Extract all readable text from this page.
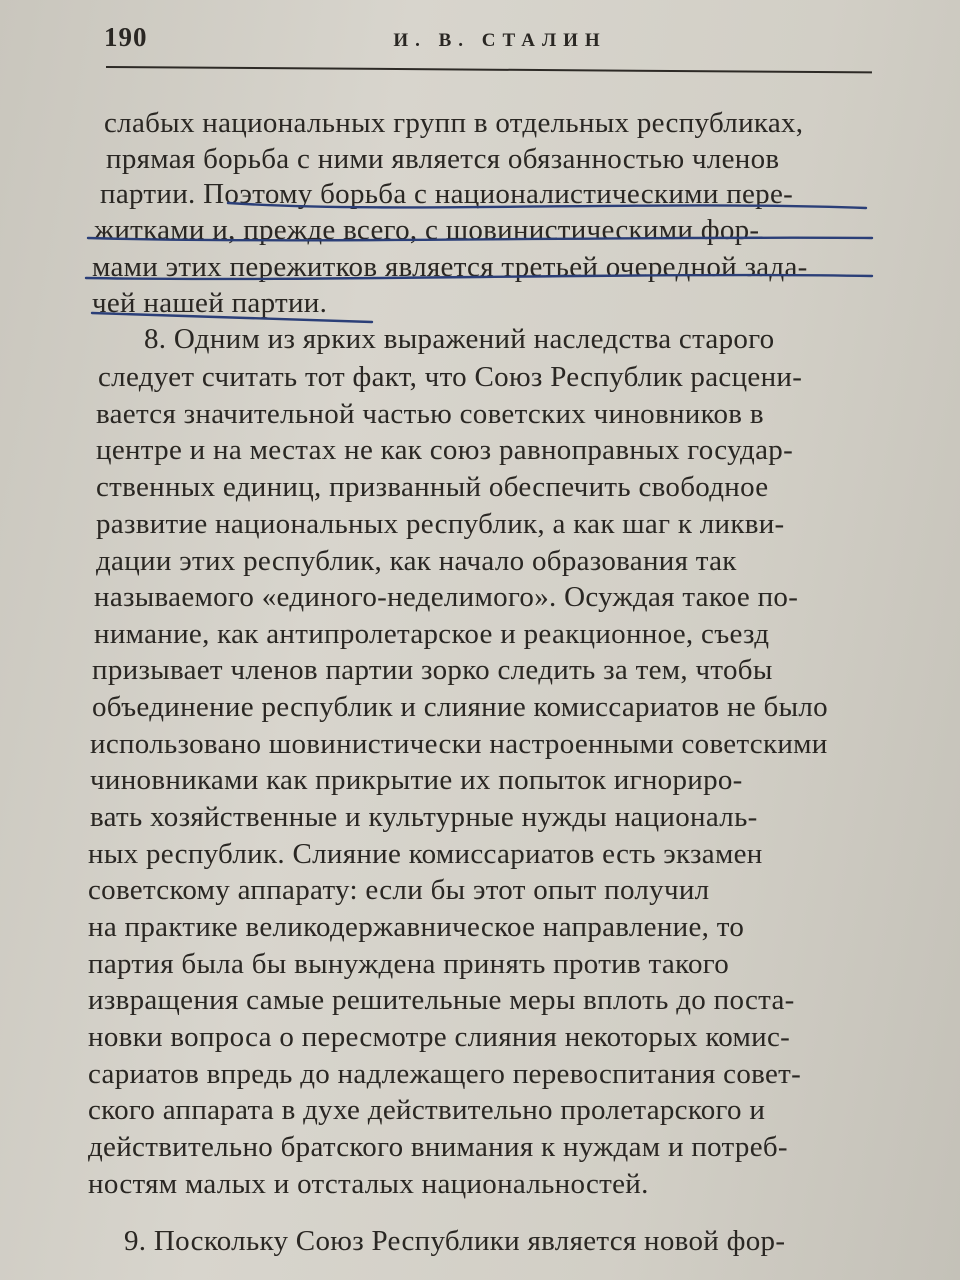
190	И. В. СТАЛИН
слабых национальных групп в отдельных республиках,
прямая борьба с ними является обязанностью членов
партии. Поэтому борьба с националистическими пере-
житками и, прежде всего, с шовинистическими фор-
мами этих пережитков является третьей очередной зада-
чей нашей партии.
8. Одним из ярких выражений наследства старого
следует считать тот факт, что Союз Республик расцени-
вается значительной частью советских чиновников в
центре и на местах не как союз равноправных государ-
ственных единиц, призванный обеспечить свободное
развитие национальных республик, а как шаг к ликви-
дации этих республик, как начало образования так
называемого «единого-неделимого». Осуждая такое по-
нимание, как антипролетарское и реакционное, съезд
призывает членов партии зорко следить за тем, чтобы
объединение республик и слияние комиссариатов не было
использовано шовинистически настроенными советскими
чиновниками как прикрытие их попыток игнориро-
вать хозяйственные и культурные нужды националь-
ных республик. Слияние комиссариатов есть экзамен
советскому аппарату: если бы этот опыт получил
на практике великодержавническое направление, то
партия была бы вынуждена принять против такого
извращения самые решительные меры вплоть до поста-
новки вопроса о пересмотре слияния некоторых комис-
сариатов впредь до надлежащего перевоспитания совет-
ского аппарата в духе действительно пролетарского и
действительно братского внимания к нуждам и потреб-
ностям малых и отсталых национальностей.
9. Поскольку Союз Республики является новой фор-
